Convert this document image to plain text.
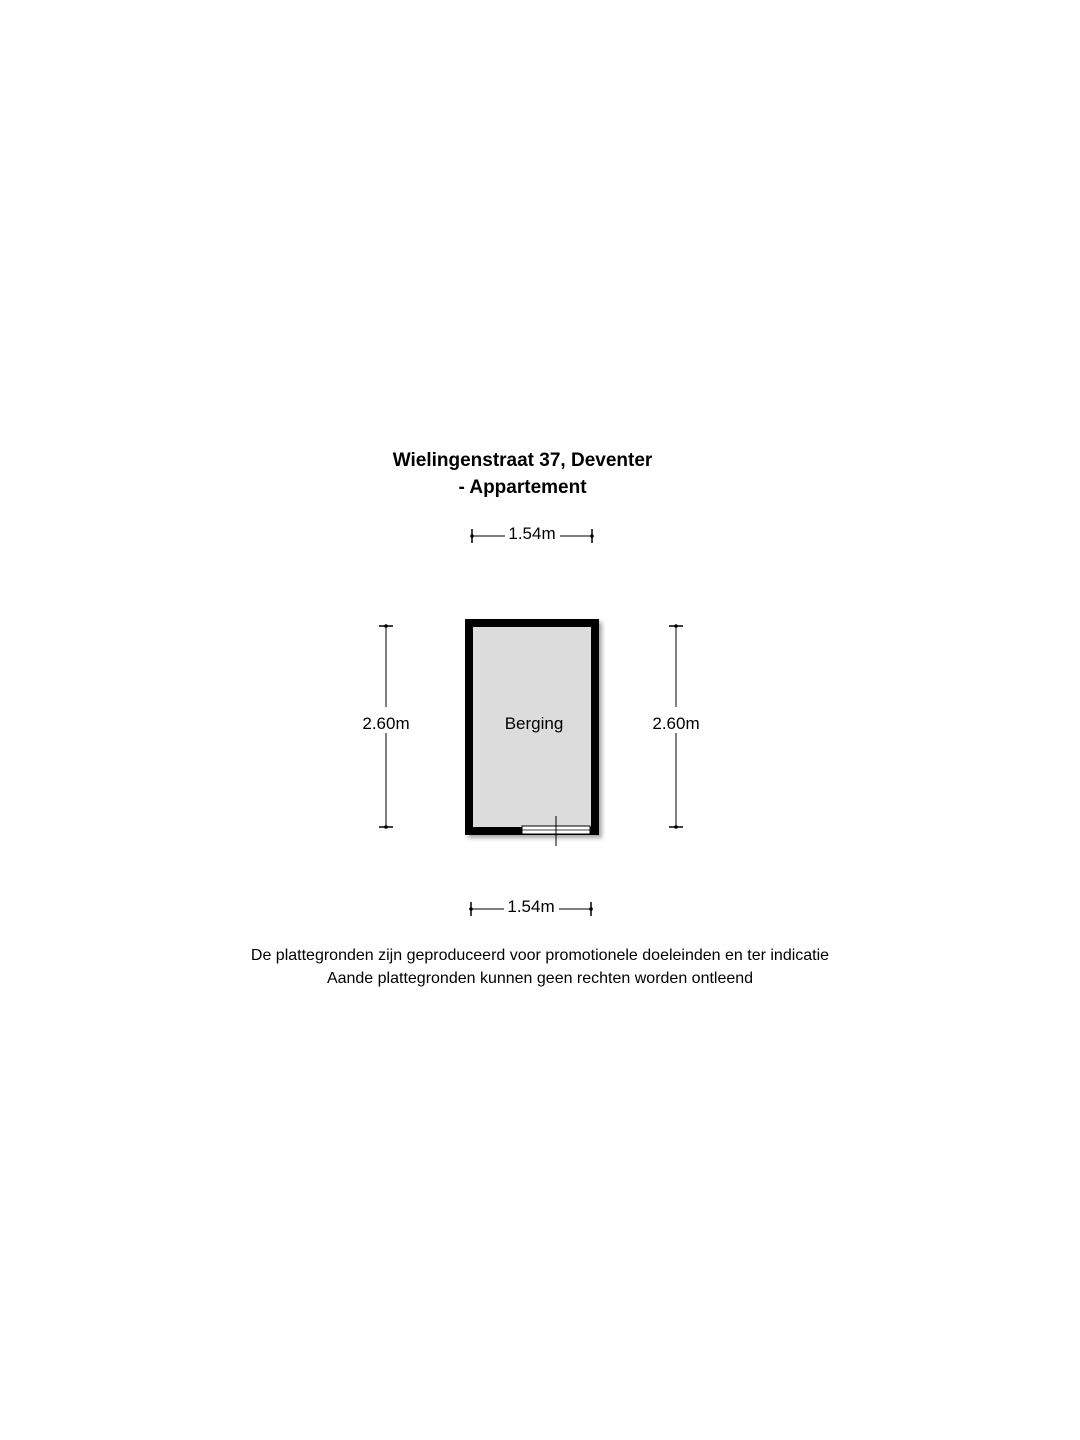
Wielingenstraat 37, Deventer
- Appartement
1.54m
2.60m	2.60m
Berging
1.54m
De plattegronden zijn geproduceerd voor promotionele doeleinden en ter indicatie
Aande plattegronden kunnen geen rechten worden ontleend
